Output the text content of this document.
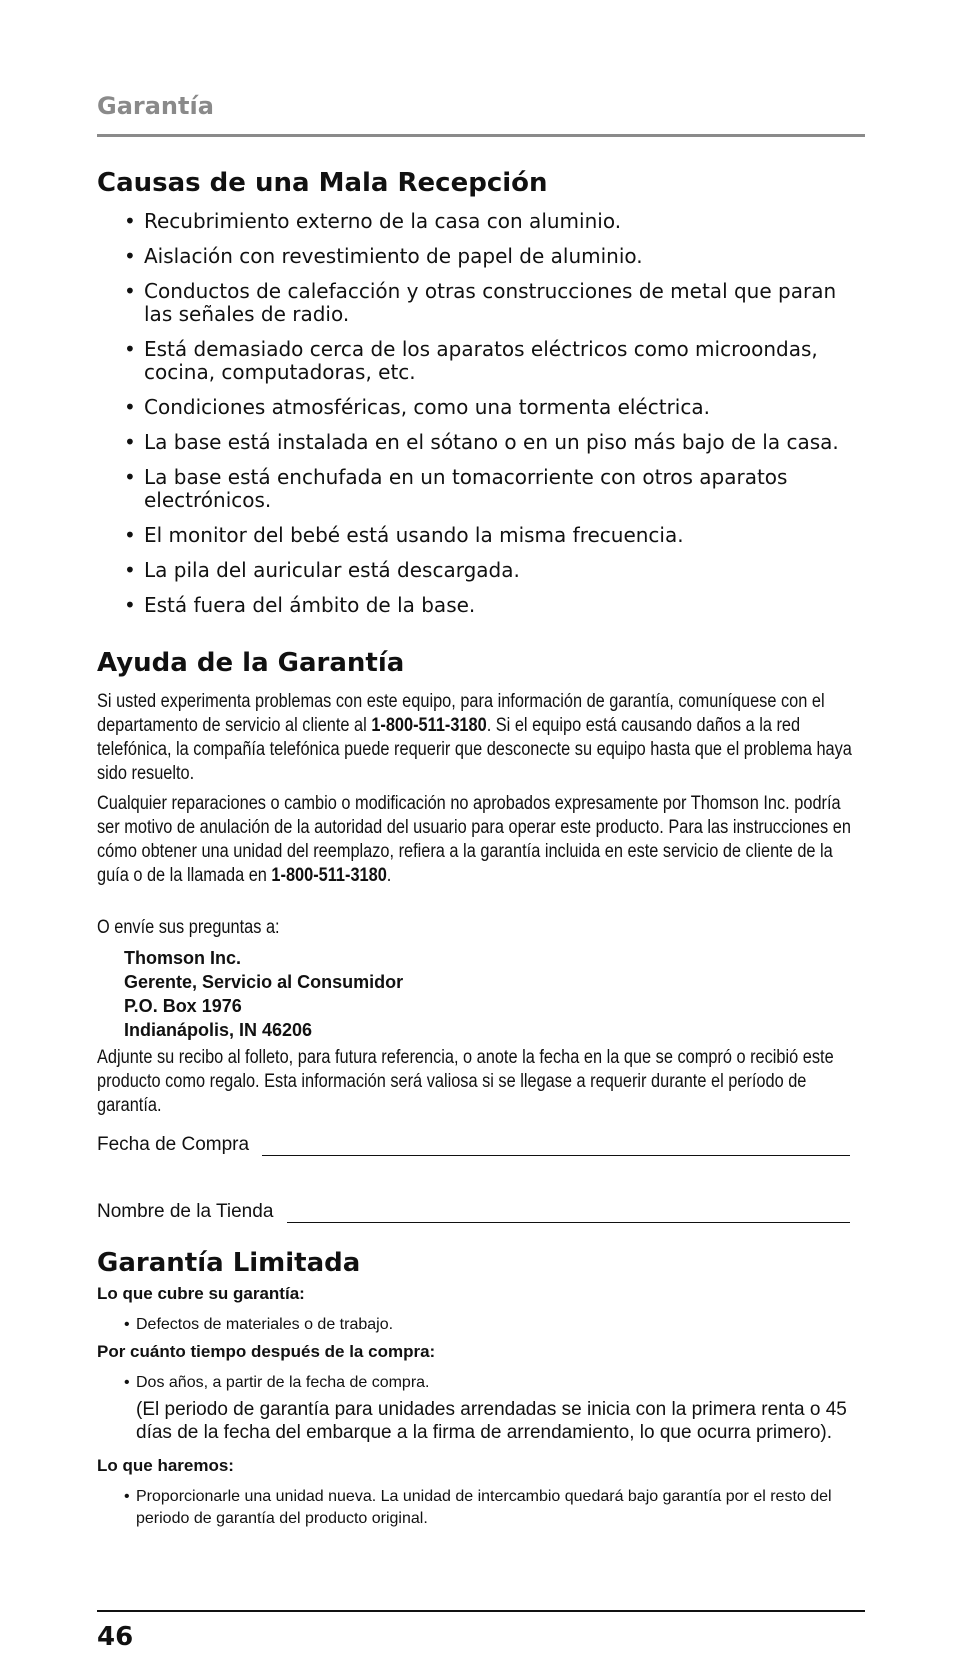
Garantía
Causas de una Mala Recepción
• Recubrimiento externo de la casa con aluminio.
• Aislación con revestimiento de papel de aluminio.
• Conductos de calefacción y otras construcciones de metal que paran las señales de radio.
• Está demasiado cerca de los aparatos eléctricos como microondas, cocina, computadoras, etc.
• Condiciones atmosféricas, como una tormenta eléctrica.
• La base está instalada en el sótano o en un piso más bajo de la casa.
• La base está enchufada en un tomacorriente con otros aparatos electrónicos.
• El monitor del bebé está usando la misma frecuencia.
• La pila del auricular está descargada.
• Está fuera del ámbito de la base.
Ayuda de la Garantía

Si usted experimenta problemas con este equipo, para información de garantía, comuníquese con el departamento de servicio al cliente al 1-800-511-3180. Si el equipo está causando daños a la red telefónica, la compañía telefónica puede requerir que desconecte su equipo hasta que el problema haya sido resuelto.

Cualquier reparaciones o cambio o modificación no aprobados expresamente por Thomson Inc. podría ser motivo de anulación de la autoridad del usuario para operar este producto. Para las instrucciones en cómo obtener una unidad del reemplazo, refiera a la garantía incluida en este servicio de cliente de la guía o de la llamada en 1-800-511-3180.

O envíe sus preguntas a:

Thomson Inc.
Gerente, Servicio al Consumidor
P.O. Box 1976
Indianápolis, IN 46206

Adjunte su recibo al folleto, para futura referencia, o anote la fecha en la que se compró o recibió este producto como regalo. Esta información será valiosa si se llegase a requerir durante el período de garantía.

Fecha de Compra
Nombre de la Tienda
Garantía Limitada

Lo que cubre su garantía:

• Defectos de materiales o de trabajo.

Por cuánto tiempo después de la compra:

• Dos años, a partir de la fecha de compra.

(El periodo de garantía para unidades arrendadas se inicia con la primera renta o 45 días de la fecha del embarque a la firma de arrendamiento, lo que ocurra primero).

Lo que haremos:

• Proporcionarle una unidad nueva. La unidad de intercambio quedará bajo garantía por el resto del periodo de garantía del producto original.
46
